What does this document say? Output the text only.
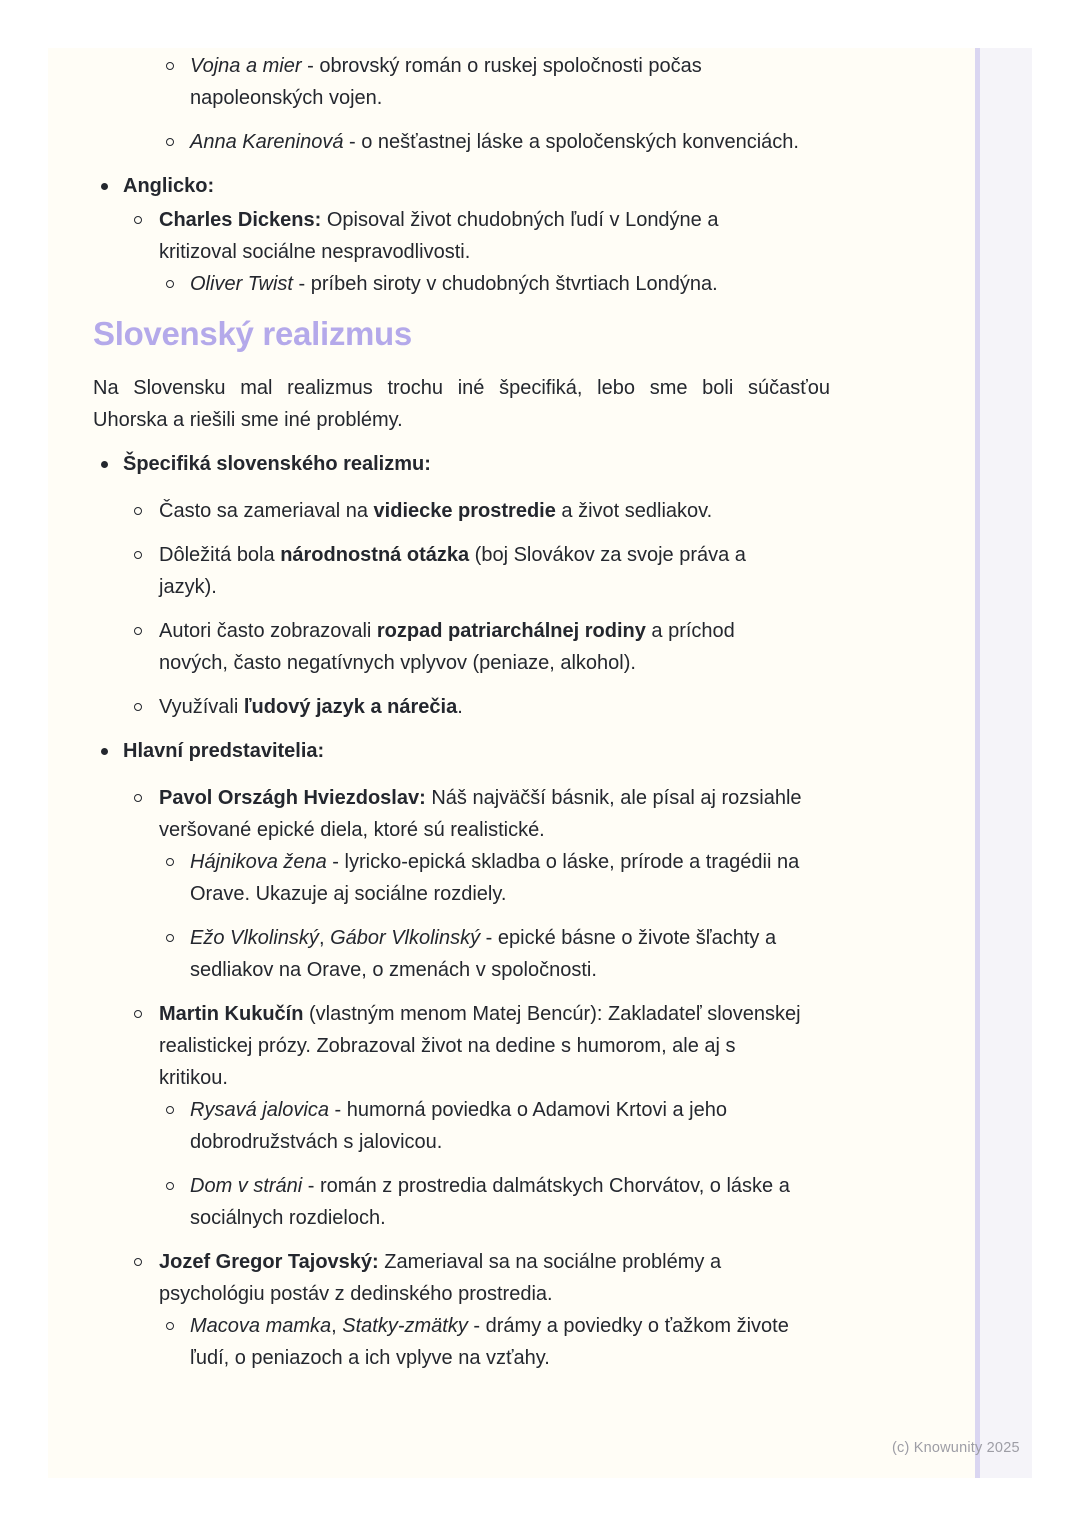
Vojna a mier - obrovský román o ruskej spoločnosti počas
napoleonských vojen.
Anna Kareninová - o nešťastnej láske a spoločenských konvenciách.
Anglicko:
Charles Dickens: Opisoval život chudobných ľudí v Londýne a
kritizoval sociálne nespravodlivosti.
Oliver Twist - príbeh siroty v chudobných štvrtiach Londýna.
Slovenský realizmus
Na Slovensku mal realizmus trochu iné špecifiká, lebo sme boli súčasťou
Uhorska a riešili sme iné problémy.
Špecifiká slovenského realizmu:
Často sa zameriaval na vidiecke prostredie a život sedliakov.
Dôležitá bola národnostná otázka (boj Slovákov za svoje práva a
jazyk).
Autori často zobrazovali rozpad patriarchálnej rodiny a príchod
nových, často negatívnych vplyvov (peniaze, alkohol).
Využívali ľudový jazyk a nárečia.
Hlavní predstavitelia:
Pavol Országh Hviezdoslav: Náš najväčší básnik, ale písal aj rozsiahle
veršované epické diela, ktoré sú realistické.
Hájnikova žena - lyricko-epická skladba o láske, prírode a tragédii na
Orave. Ukazuje aj sociálne rozdiely.
Ežo Vlkolinský, Gábor Vlkolinský - epické básne o živote šľachty a
sedliakov na Orave, o zmenách v spoločnosti.
Martin Kukučín (vlastným menom Matej Bencúr): Zakladateľ slovenskej
realistickej prózy. Zobrazoval život na dedine s humorom, ale aj s
kritikou.
Rysavá jalovica - humorná poviedka o Adamovi Krtovi a jeho
dobrodružstvách s jalovicou.
Dom v stráni - román z prostredia dalmátskych Chorvátov, o láske a
sociálnych rozdieloch.
Jozef Gregor Tajovský: Zameriaval sa na sociálne problémy a
psychológiu postáv z dedinského prostredia.
Macova mamka, Statky-zmätky - drámy a poviedky o ťažkom živote
ľudí, o peniazoch a ich vplyve na vzťahy.
(c) Knowunity 2025
